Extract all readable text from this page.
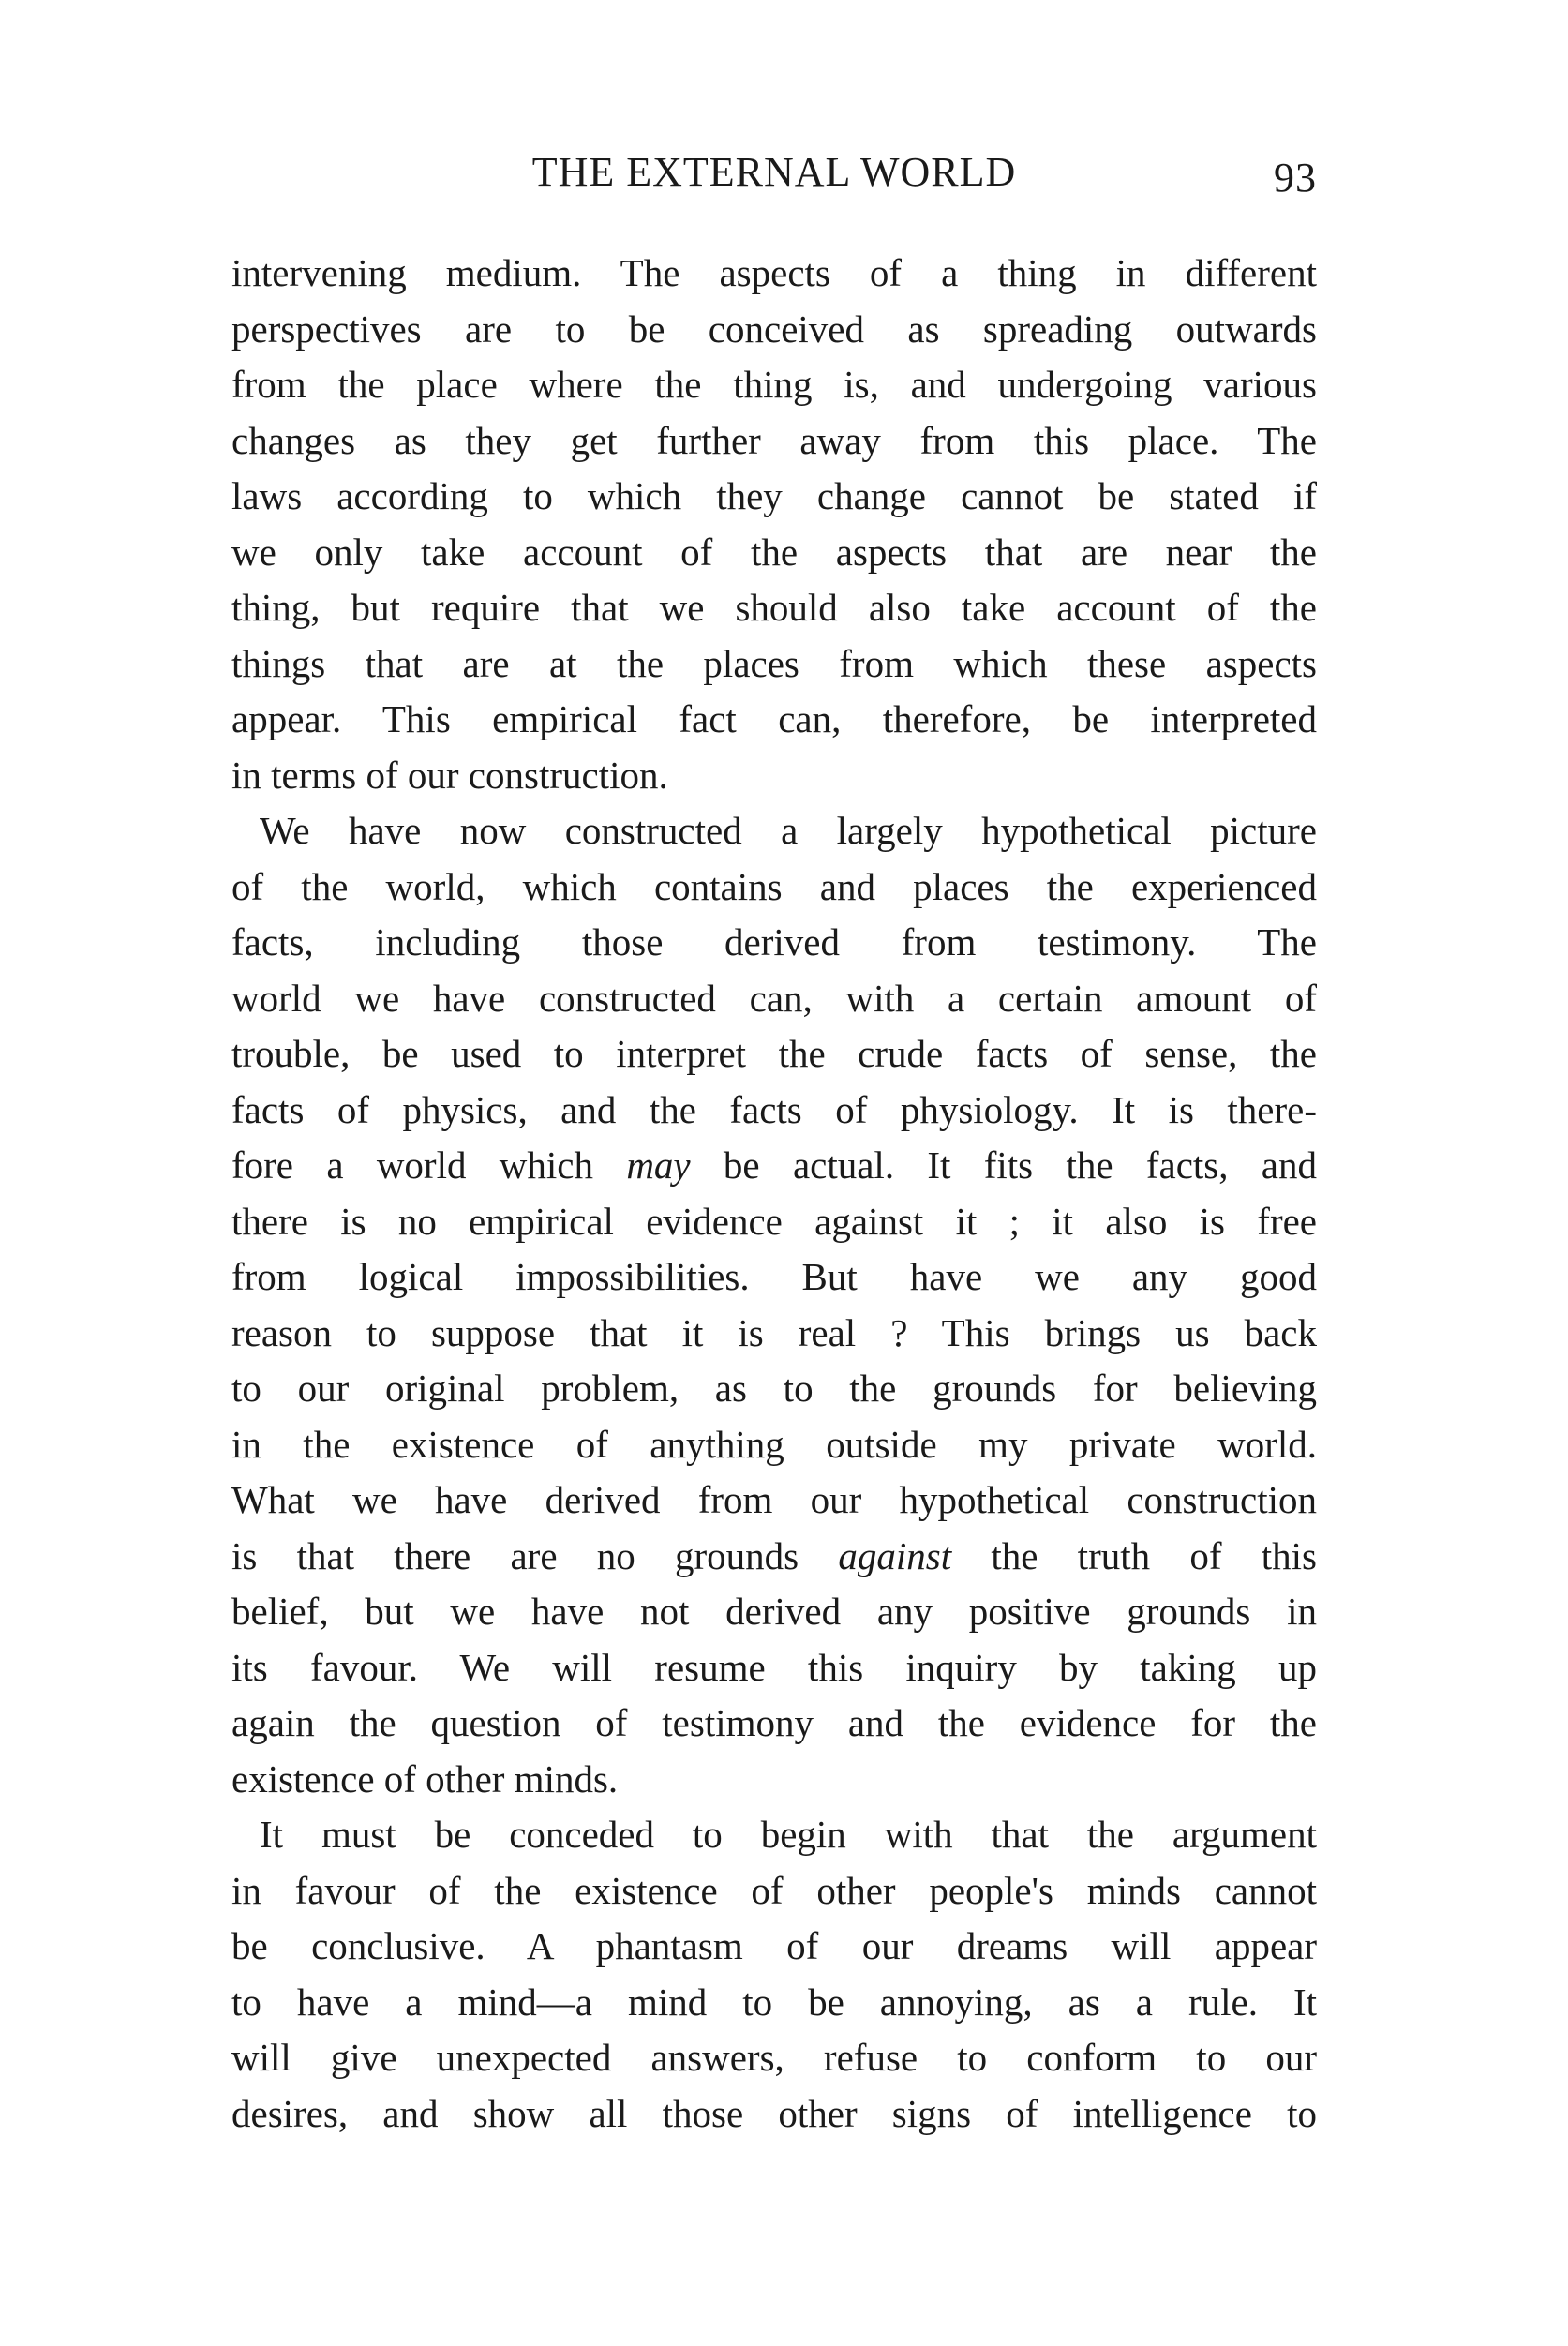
THE EXTERNAL WORLD	93
intervening medium. The aspects of a thing in different
perspectives are to be conceived as spreading outwards
from the place where the thing is, and undergoing various
changes as they get further away from this place. The
laws according to which they change cannot be stated if
we only take account of the aspects that are near the
thing, but require that we should also take account of the
things that are at the places from which these aspects
appear. This empirical fact can, therefore, be interpreted
in terms of our construction.
We have now constructed a largely hypothetical picture
of the world, which contains and places the experienced
facts, including those derived from testimony. The
world we have constructed can, with a certain amount of
trouble, be used to interpret the crude facts of sense, the
facts of physics, and the facts of physiology. It is there-
fore a world which may be actual. It fits the facts, and
there is no empirical evidence against it ; it also is free
from logical impossibilities. But have we any good
reason to suppose that it is real ? This brings us back
to our original problem, as to the grounds for believing
in the existence of anything outside my private world.
What we have derived from our hypothetical construction
is that there are no grounds against the truth of this
belief, but we have not derived any positive grounds in
its favour. We will resume this inquiry by taking up
again the question of testimony and the evidence for the
existence of other minds.
It must be conceded to begin with that the argument
in favour of the existence of other people's minds cannot
be conclusive. A phantasm of our dreams will appear
to have a mind—a mind to be annoying, as a rule. It
will give unexpected answers, refuse to conform to our
desires, and show all those other signs of intelligence to
